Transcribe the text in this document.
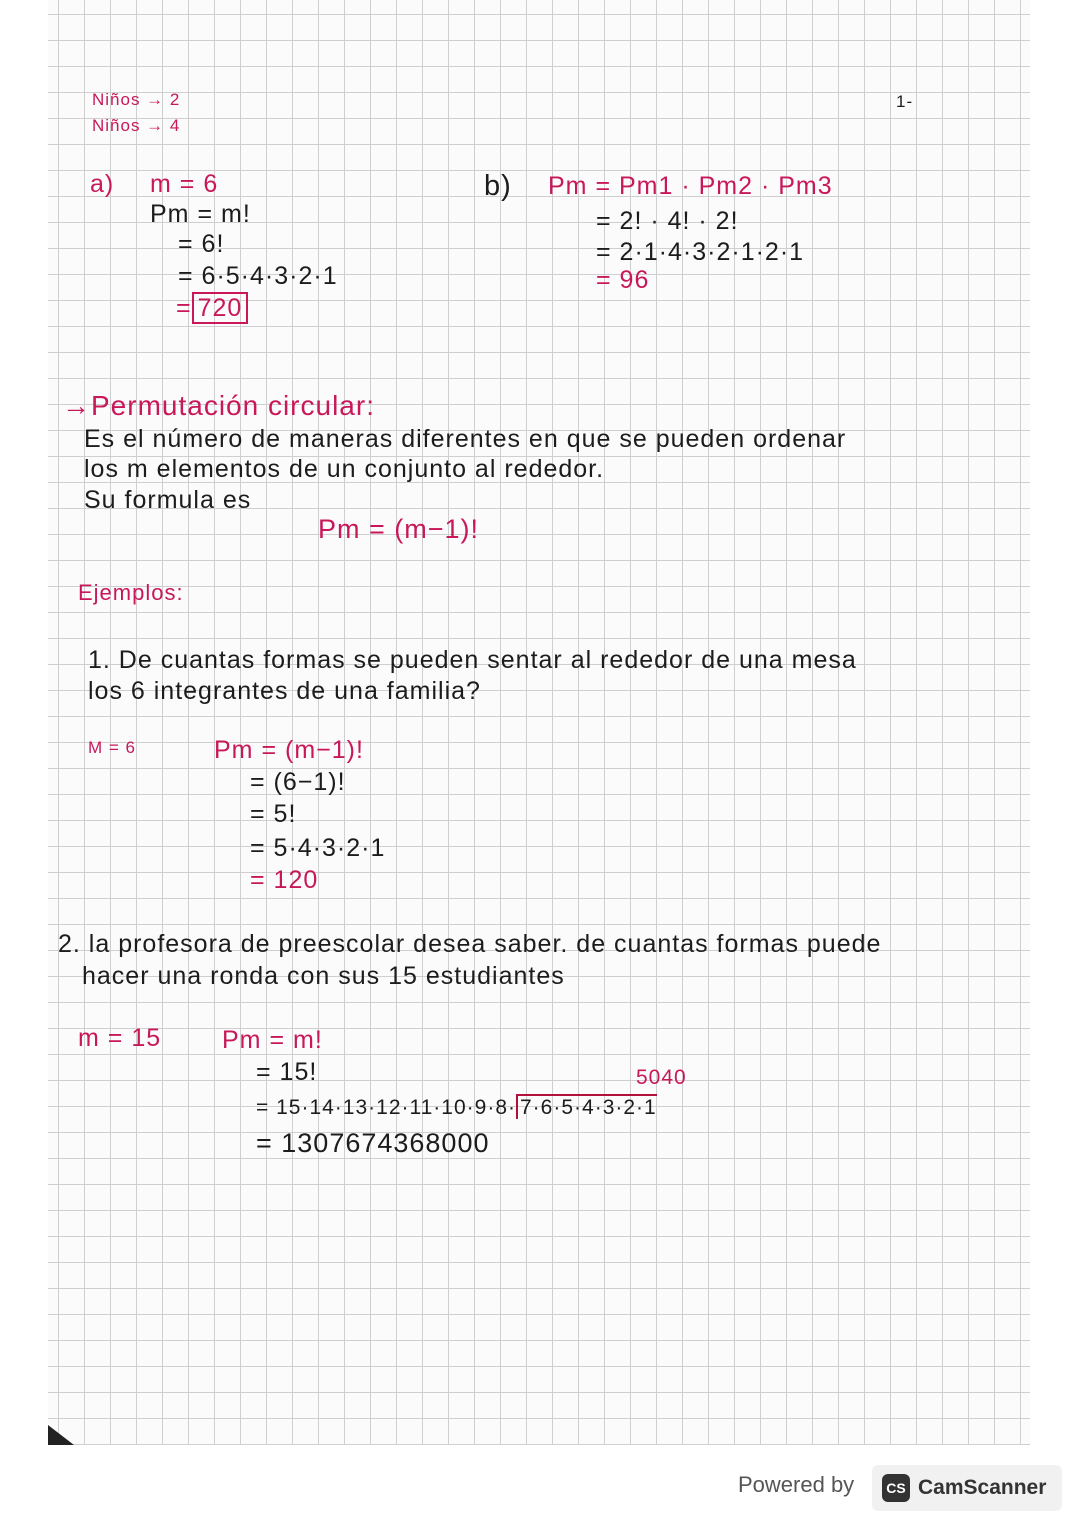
Niños → 2
Niños → 4
1-
a) m = 6
Pm = m!
= 6!
= 6·5·4·3·2·1
= 720
b) Pm = Pm1 · Pm2 · Pm3
= 2! · 4! · 2!
= 2·1·4·3·2·1·2·1
= 96
→Permutación circular:
Es el número de maneras diferentes en que se pueden ordenar
los m elementos de un conjunto al rededor.
Su formula es
Pm = (m−1)!
Ejemplos:
1. De cuantas formas se pueden sentar al rededor de una mesa
los 6 integrantes de una familia?
M = 6	Pm = (m−1)!
= (6−1)!
= 5!
= 5·4·3·2·1
= 120
2. la profesora de preescolar desea saber. de cuantas formas puede
hacer una ronda con sus 15 estudiantes
m = 15 Pm = m!
= 15!	5040
= 15·14·13·12·11·10·9·8· 7·6·5·4·3·2·1
= 1307674368000
Powered by	CS CamScanner
